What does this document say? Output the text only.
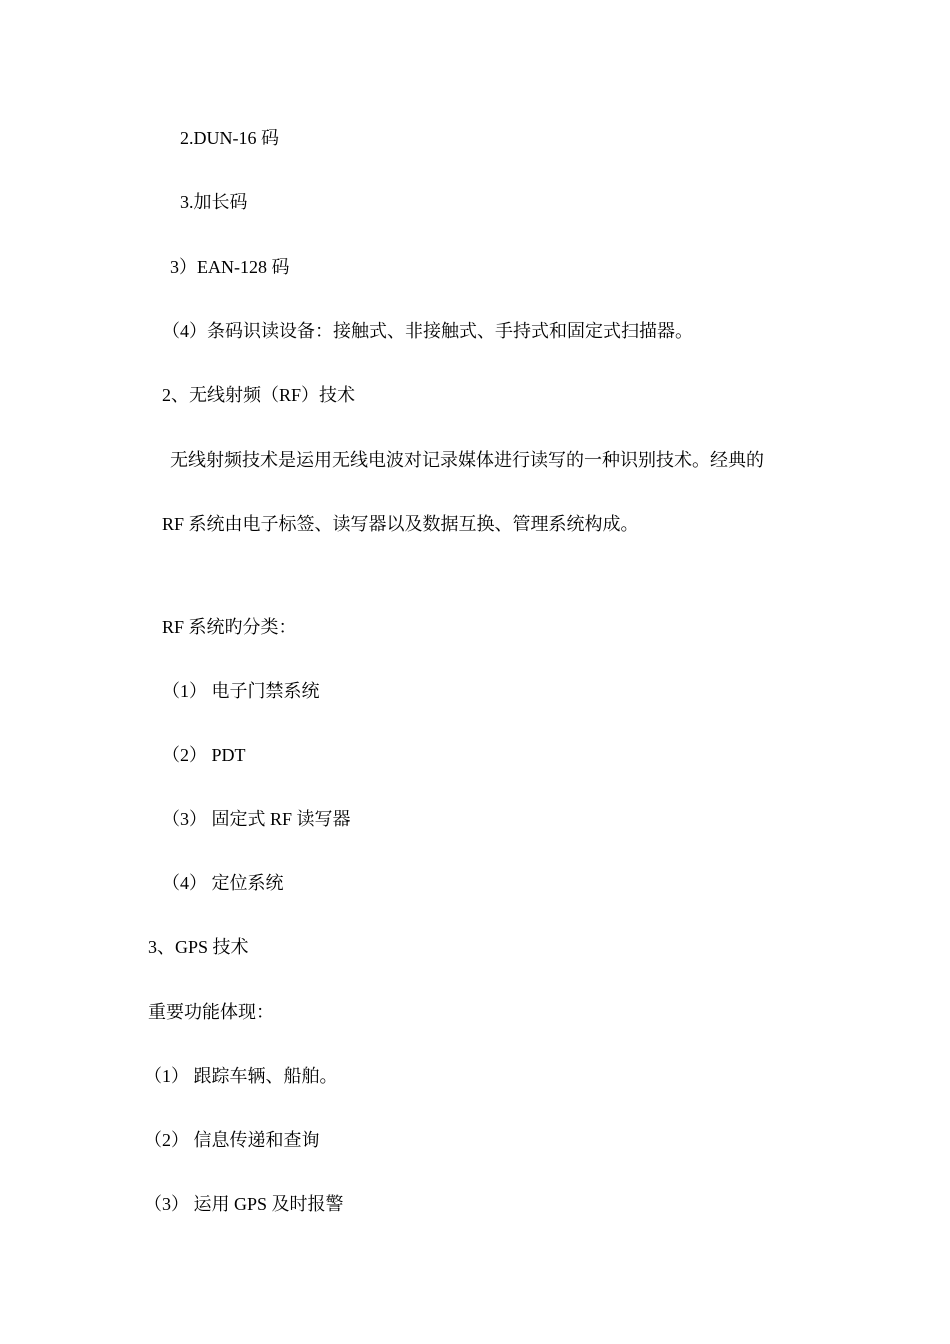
2.DUN-16 码
3.加长码
3）EAN-128 码
（4）条码识读设备：接触式、非接触式、手持式和固定式扫描器。
2、无线射频（RF）技术
无线射频技术是运用无线电波对记录媒体进行读写的一种识别技术。经典的
RF 系统由电子标签、读写器以及数据互换、管理系统构成。
RF 系统旳分类：
（1） 电子门禁系统
（2） PDT
（3） 固定式 RF 读写器
（4） 定位系统
3、GPS 技术
重要功能体现：
（1） 跟踪车辆、船舶。
（2） 信息传递和查询
（3） 运用 GPS 及时报警
